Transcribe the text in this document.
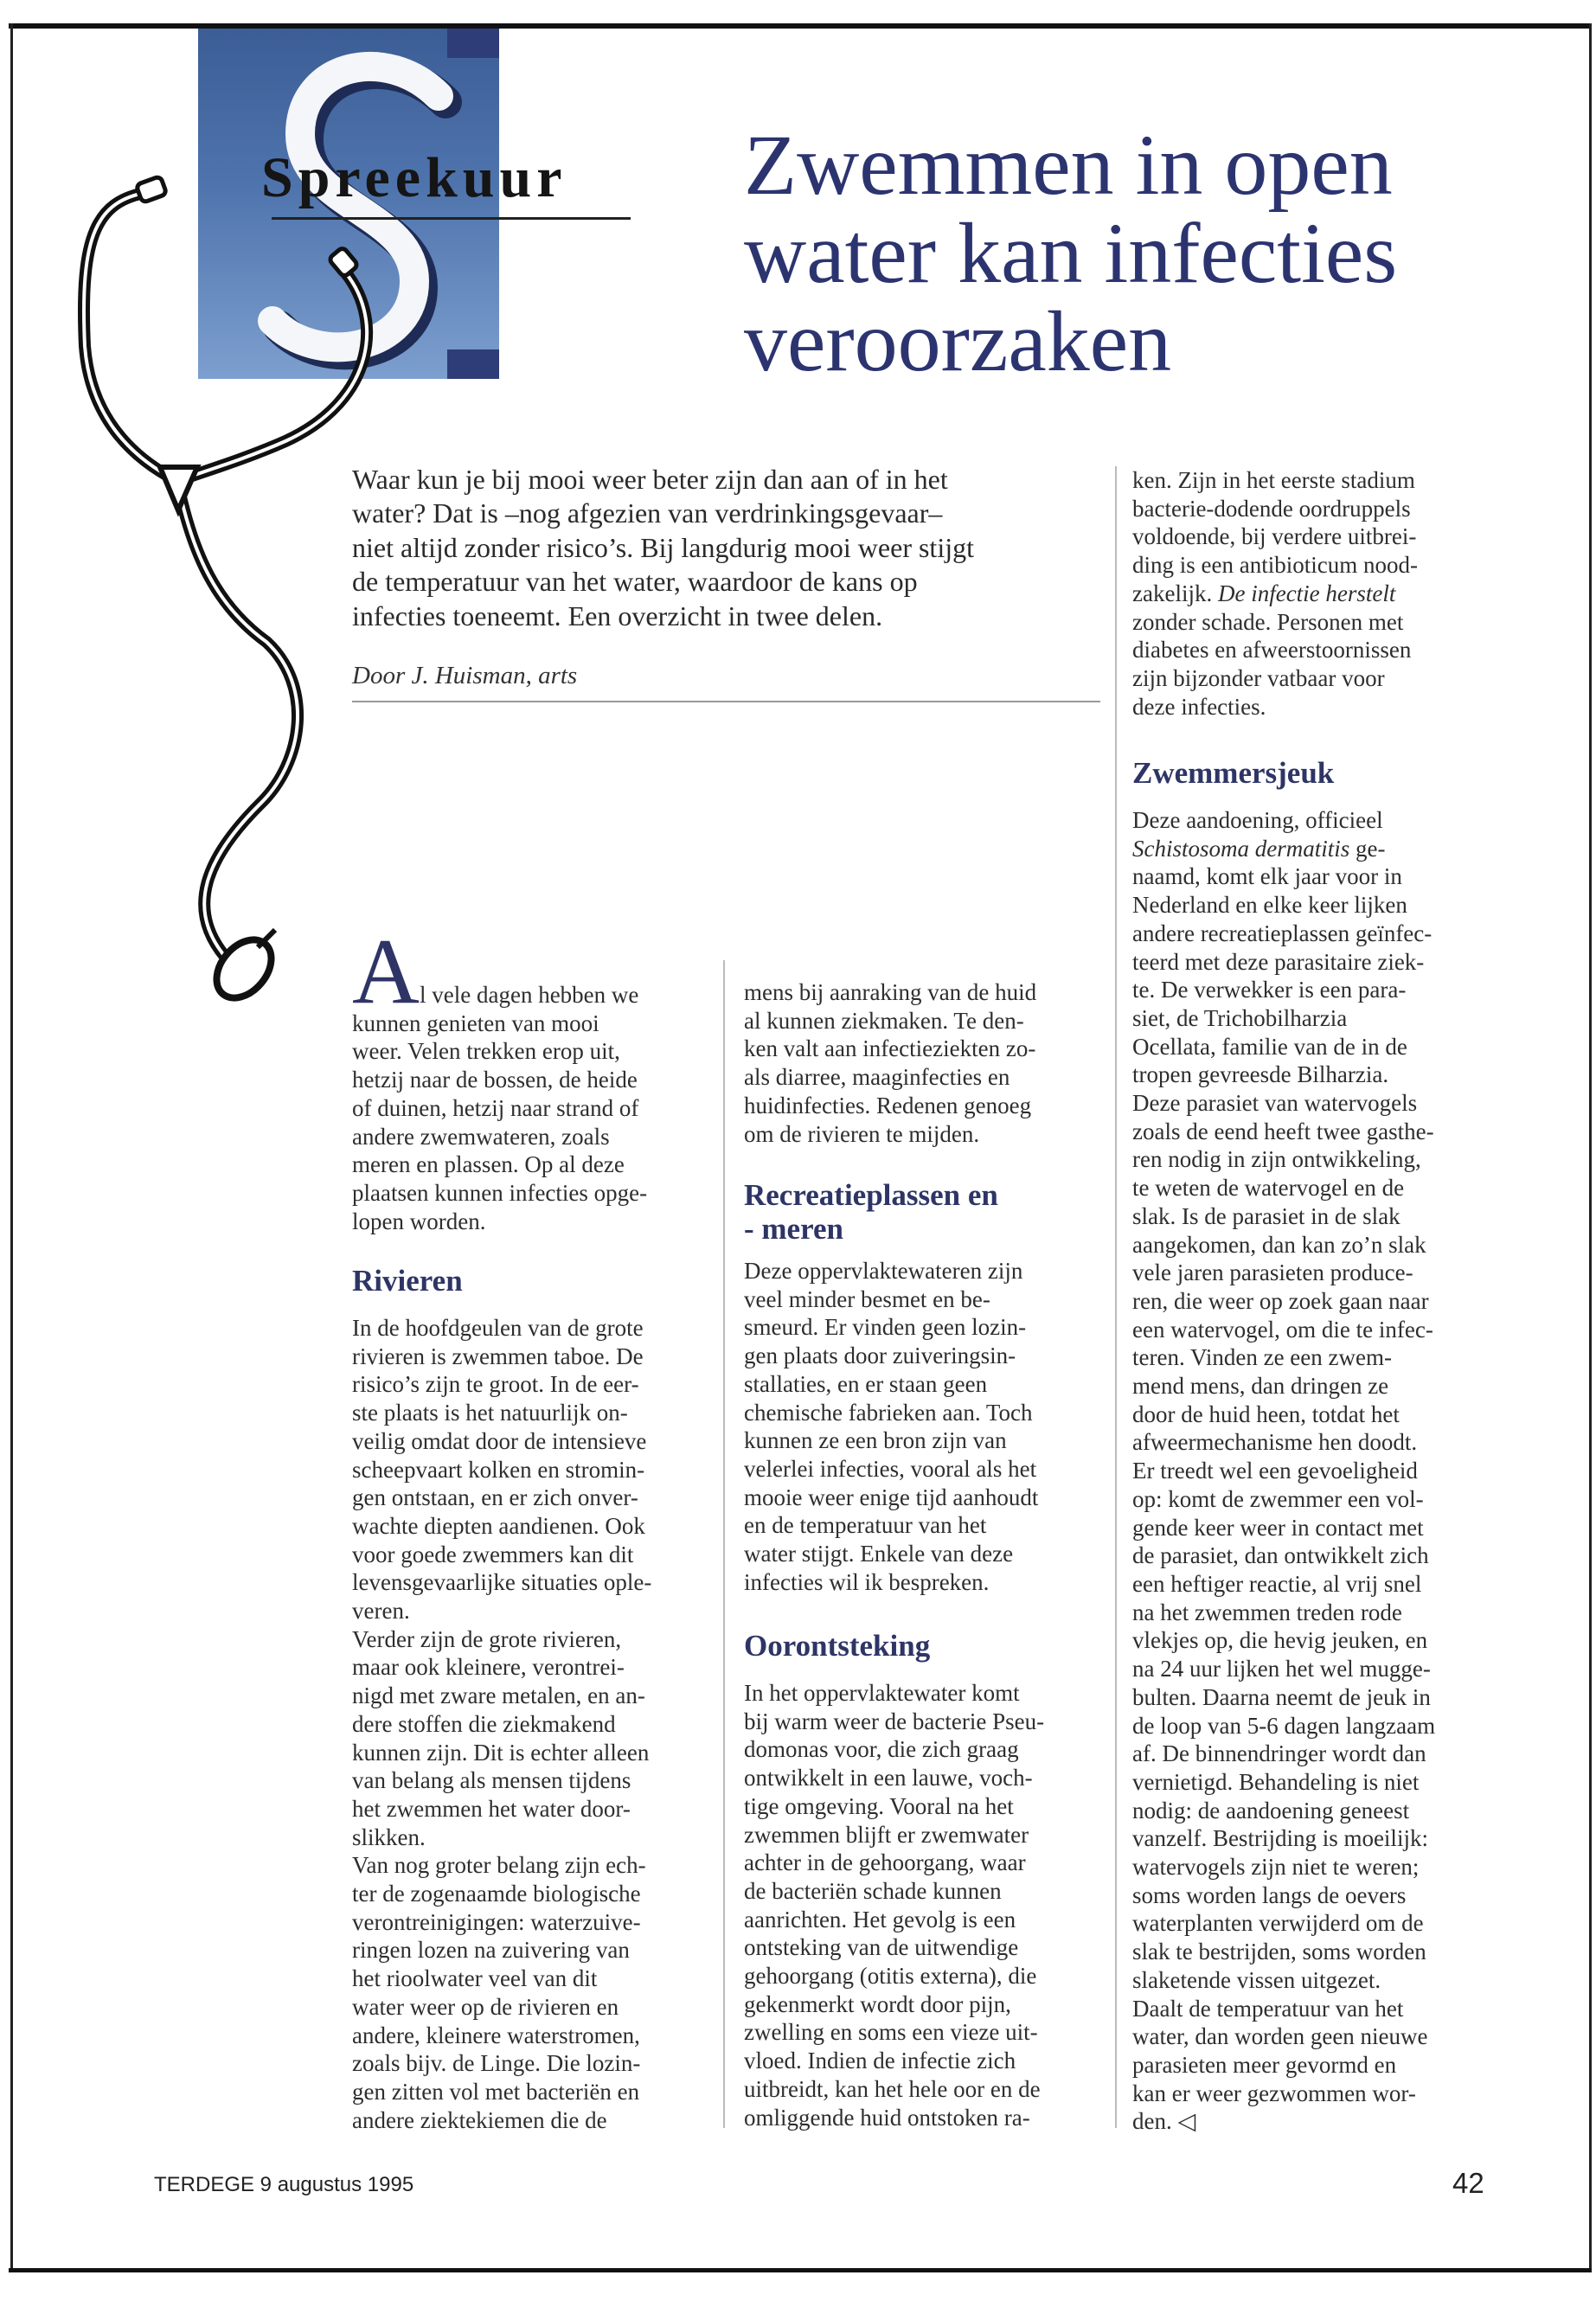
Spreekuur Zwemmen in open
water kan infecties
veroorzaken
Waar kun je bij mooi weer beter zijn dan aan of in het
water? Dat is –nog afgezien van verdrinkingsgevaar–
niet altijd zonder risico’s. Bij langdurig mooi weer stijgt
de temperatuur van het water, waardoor de kans op
infecties toeneemt. Een overzicht in twee delen.
Door J. Huisman, arts
Al vele dagen hebben we
kunnen genieten van mooi
weer. Velen trekken erop uit,
hetzij naar de bossen, de heide
of duinen, hetzij naar strand of
andere zwemwateren, zoals
meren en plassen. Op al deze
plaatsen kunnen infecties opge-
lopen worden.
Rivieren
In de hoofdgeulen van de grote
rivieren is zwemmen taboe. De
risico’s zijn te groot. In de eer-
ste plaats is het natuurlijk on-
veilig omdat door de intensieve
scheepvaart kolken en stromin-
gen ontstaan, en er zich onver-
wachte diepten aandienen. Ook
voor goede zwemmers kan dit
levensgevaarlijke situaties ople-
veren.
Verder zijn de grote rivieren,
maar ook kleinere, verontrei-
nigd met zware metalen, en an-
dere stoffen die ziekmakend
kunnen zijn. Dit is echter alleen
van belang als mensen tijdens
het zwemmen het water door-
slikken.
Van nog groter belang zijn ech-
ter de zogenaamde biologische
verontreinigingen: waterzuive-
ringen lozen na zuivering van
het rioolwater veel van dit
water weer op de rivieren en
andere, kleinere waterstromen,
zoals bijv. de Linge. Die lozin-
gen zitten vol met bacteriën en
andere ziektekiemen die de
mens bij aanraking van de huid
al kunnen ziekmaken. Te den-
ken valt aan infectieziekten zo-
als diarree, maaginfecties en
huidinfecties. Redenen genoeg
om de rivieren te mijden.
Recreatieplassen en
- meren
Deze oppervlaktewateren zijn
veel minder besmet en be-
smeurd. Er vinden geen lozin-
gen plaats door zuiveringsin-
stallaties, en er staan geen
chemische fabrieken aan. Toch
kunnen ze een bron zijn van
velerlei infecties, vooral als het
mooie weer enige tijd aanhoudt
en de temperatuur van het
water stijgt. Enkele van deze
infecties wil ik bespreken.
Oorontsteking
In het oppervlaktewater komt
bij warm weer de bacterie Pseu-
domonas voor, die zich graag
ontwikkelt in een lauwe, voch-
tige omgeving. Vooral na het
zwemmen blijft er zwemwater
achter in de gehoorgang, waar
de bacteriën schade kunnen
aanrichten. Het gevolg is een
ontsteking van de uitwendige
gehoorgang (otitis externa), die
gekenmerkt wordt door pijn,
zwelling en soms een vieze uit-
vloed. Indien de infectie zich
uitbreidt, kan het hele oor en de
omliggende huid ontstoken ra-
ken. Zijn in het eerste stadium
bacterie-dodende oordruppels
voldoende, bij verdere uitbrei-
ding is een antibioticum nood-
zakelijk. De infectie herstelt
zonder schade. Personen met
diabetes en afweerstoornissen
zijn bijzonder vatbaar voor
deze infecties.
Zwemmersjeuk
Deze aandoening, officieel
Schistosoma dermatitis ge-
naamd, komt elk jaar voor in
Nederland en elke keer lijken
andere recreatieplassen geïnfec-
teerd met deze parasitaire ziek-
te. De verwekker is een para-
siet, de Trichobilharzia
Ocellata, familie van de in de
tropen gevreesde Bilharzia.
Deze parasiet van watervogels
zoals de eend heeft twee gasthe-
ren nodig in zijn ontwikkeling,
te weten de watervogel en de
slak. Is de parasiet in de slak
aangekomen, dan kan zo’n slak
vele jaren parasieten produce-
ren, die weer op zoek gaan naar
een watervogel, om die te infec-
teren. Vinden ze een zwem-
mend mens, dan dringen ze
door de huid heen, totdat het
afweermechanisme hen doodt.
Er treedt wel een gevoeligheid
op: komt de zwemmer een vol-
gende keer weer in contact met
de parasiet, dan ontwikkelt zich
een heftiger reactie, al vrij snel
na het zwemmen treden rode
vlekjes op, die hevig jeuken, en
na 24 uur lijken het wel mugge-
bulten. Daarna neemt de jeuk in
de loop van 5-6 dagen langzaam
af. De binnendringer wordt dan
vernietigd. Behandeling is niet
nodig: de aandoening geneest
vanzelf. Bestrijding is moeilijk:
watervogels zijn niet te weren;
soms worden langs de oevers
waterplanten verwijderd om de
slak te bestrijden, soms worden
slaketende vissen uitgezet.
Daalt de temperatuur van het
water, dan worden geen nieuwe
parasieten meer gevormd en
kan er weer gezwommen wor-
den. ◁
TERDEGE 9 augustus 1995	42
